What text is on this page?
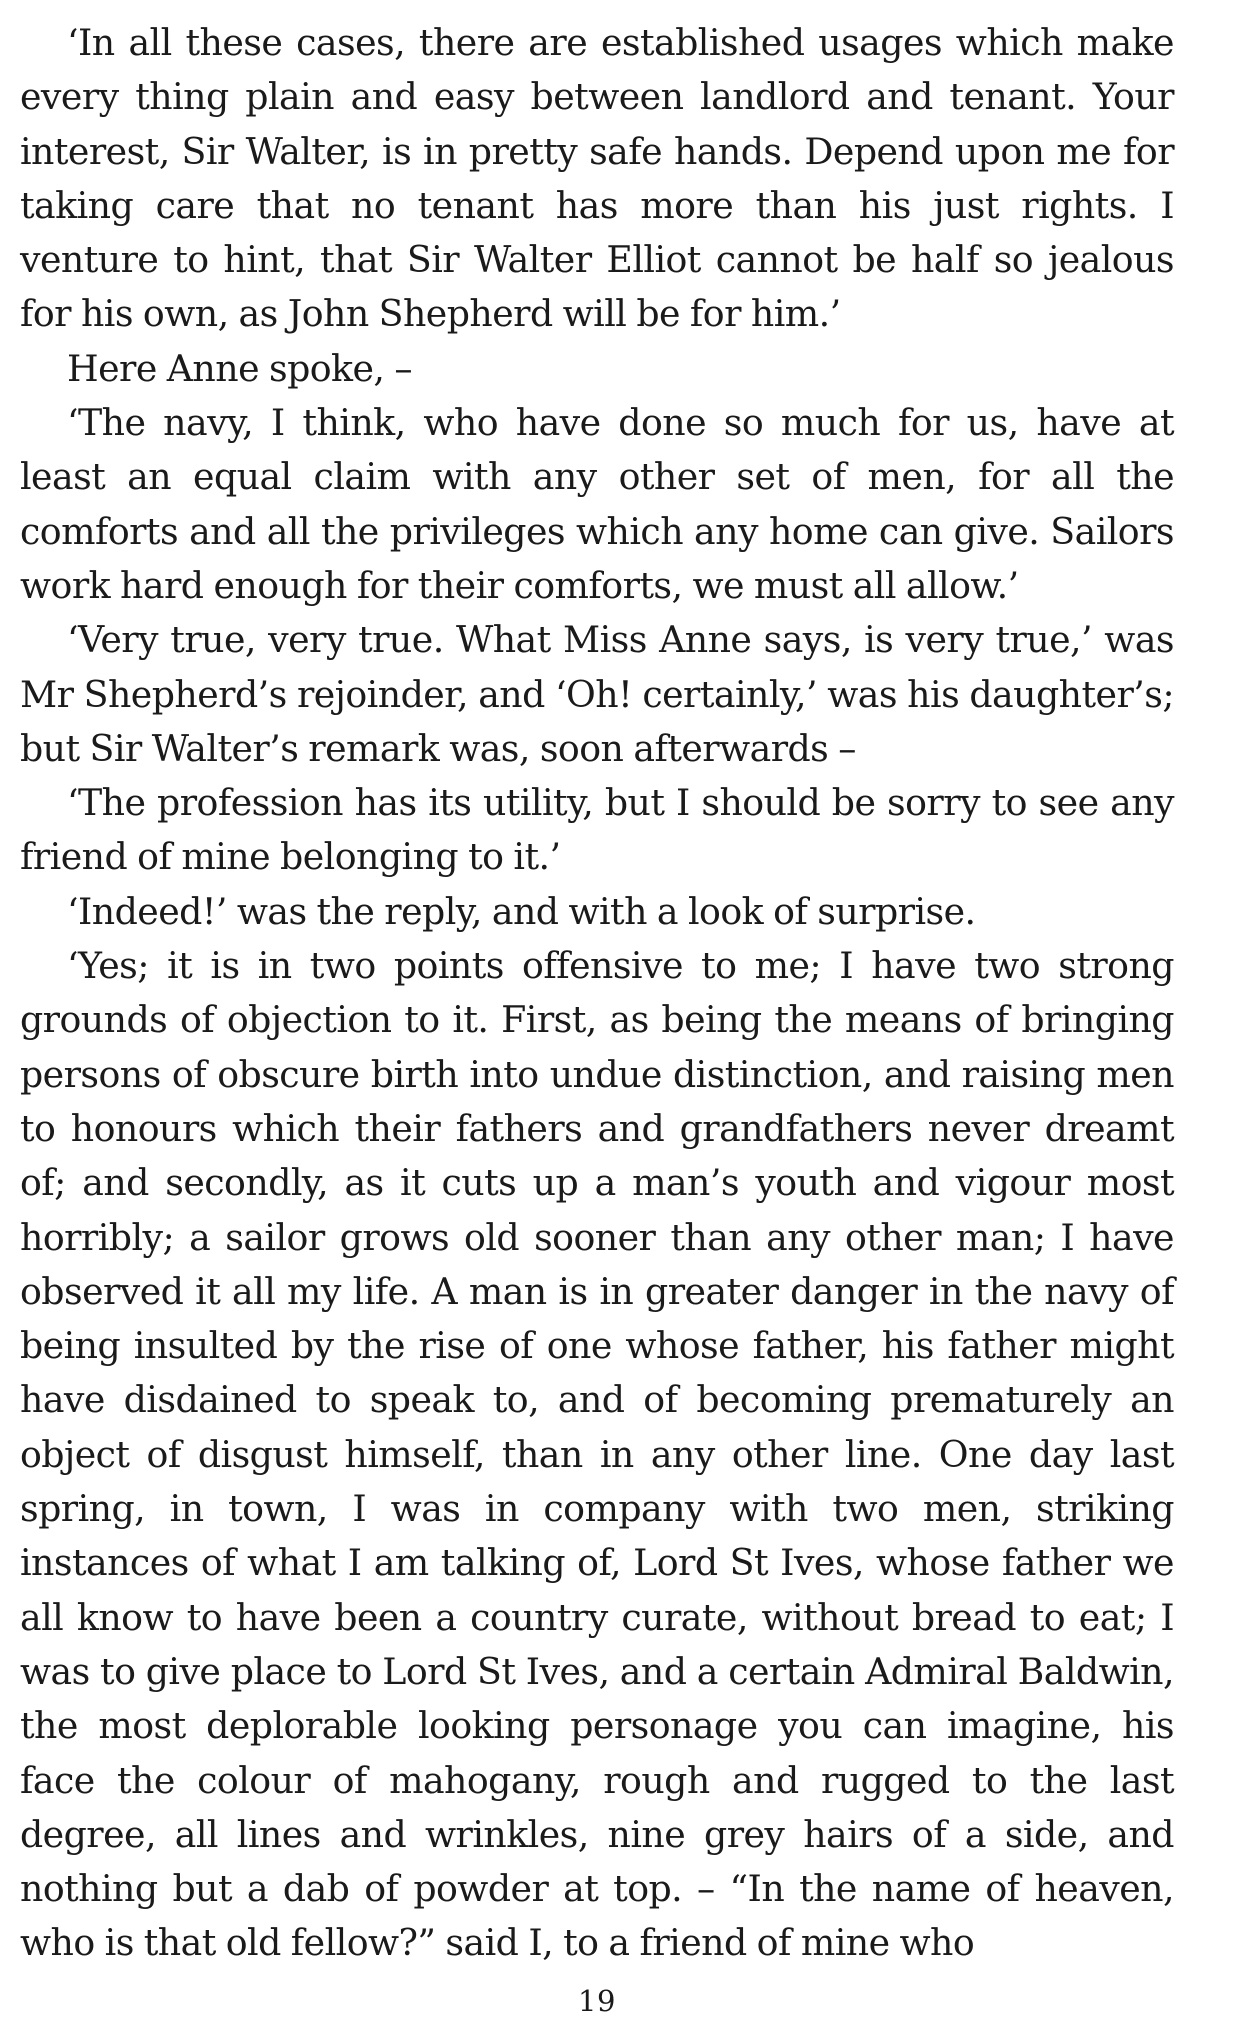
‘In all these cases, there are established usages which make every thing plain and easy between landlord and tenant. Your interest, Sir Walter, is in pretty safe hands. Depend upon me for taking care that no tenant has more than his just rights. I venture to hint, that Sir Walter Elliot cannot be half so jealous for his own, as John Shepherd will be for him.’

Here Anne spoke, –

‘The navy, I think, who have done so much for us, have at least an equal claim with any other set of men, for all the comforts and all the privileges which any home can give. Sailors work hard enough for their comforts, we must all allow.’

‘Very true, very true. What Miss Anne says, is very true,’ was Mr Shepherd’s rejoinder, and ‘Oh! certainly,’ was his daughter’s; but Sir Walter’s remark was, soon afterwards –

‘The profession has its utility, but I should be sorry to see any friend of mine belonging to it.’

‘Indeed!’ was the reply, and with a look of surprise.

‘Yes; it is in two points offensive to me; I have two strong grounds of objection to it. First, as being the means of bringing persons of obscure birth into undue distinction, and raising men to honours which their fathers and grandfathers never dreamt of; and secondly, as it cuts up a man’s youth and vigour most horribly; a sailor grows old sooner than any other man; I have observed it all my life. A man is in greater danger in the navy of being insulted by the rise of one whose father, his father might have disdained to speak to, and of becoming prematurely an object of disgust himself, than in any other line. One day last spring, in town, I was in company with two men, striking instances of what I am talking of, Lord St Ives, whose father we all know to have been a country curate, without bread to eat; I was to give place to Lord St Ives, and a certain Admiral Baldwin, the most deplorable looking personage you can imagine, his face the colour of mahogany, rough and rugged to the last degree, all lines and wrinkles, nine grey hairs of a side, and nothing but a dab of powder at top. – “In the name of heaven, who is that old fellow?” said I, to a friend of mine who

19
